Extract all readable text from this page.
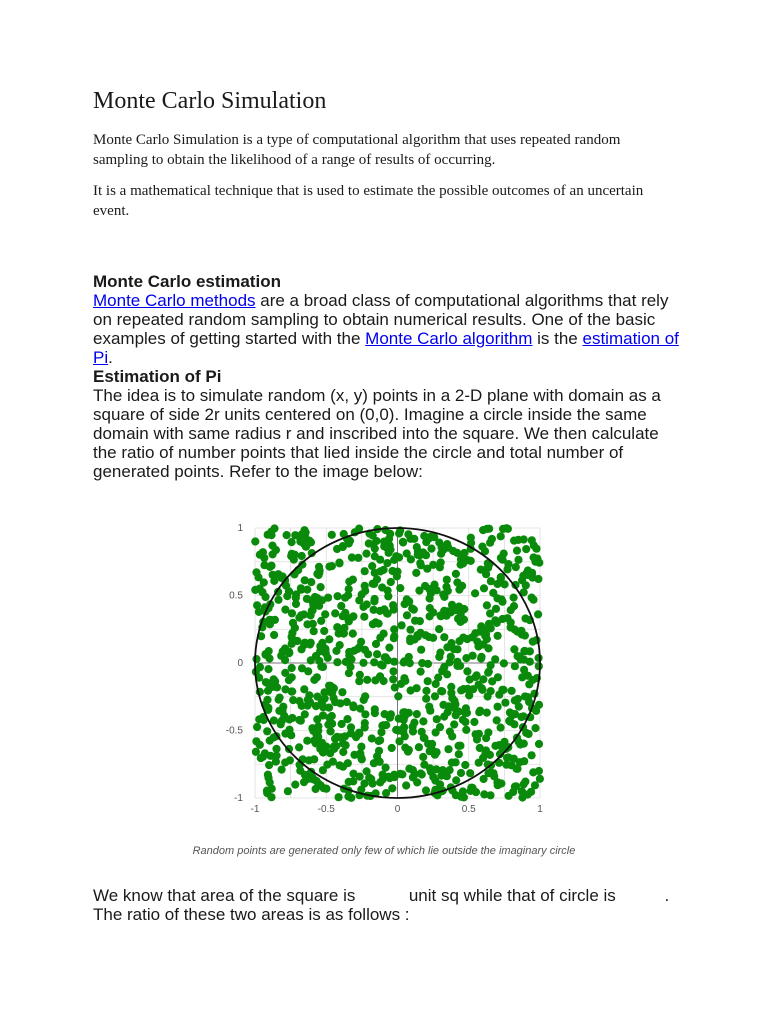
Monte Carlo Simulation

Monte Carlo Simulation is a type of computational algorithm that uses repeated random sampling to obtain the likelihood of a range of results of occurring.

It is a mathematical technique that is used to estimate the possible outcomes of an uncertain event.

Monte Carlo estimation
Monte Carlo methods are a broad class of computational algorithms that rely on repeated random sampling to obtain numerical results. One of the basic examples of getting started with the Monte Carlo algorithm is the estimation of Pi.
Estimation of Pi
The idea is to simulate random (x, y) points in a 2-D plane with domain as a square of side 2r units centered on (0,0). Imagine a circle inside the same domain with same radius r and inscribed into the square. We then calculate the ratio of number points that lied inside the circle and total number of generated points. Refer to the image below:
-1	-0.5	0	0.5	1
1
0.5
0
-0.5
-1

Random points are generated only few of which lie outside the imaginary circle

We know that area of the square is	unit sq while that of circle is	.
The ratio of these two areas is as follows :
